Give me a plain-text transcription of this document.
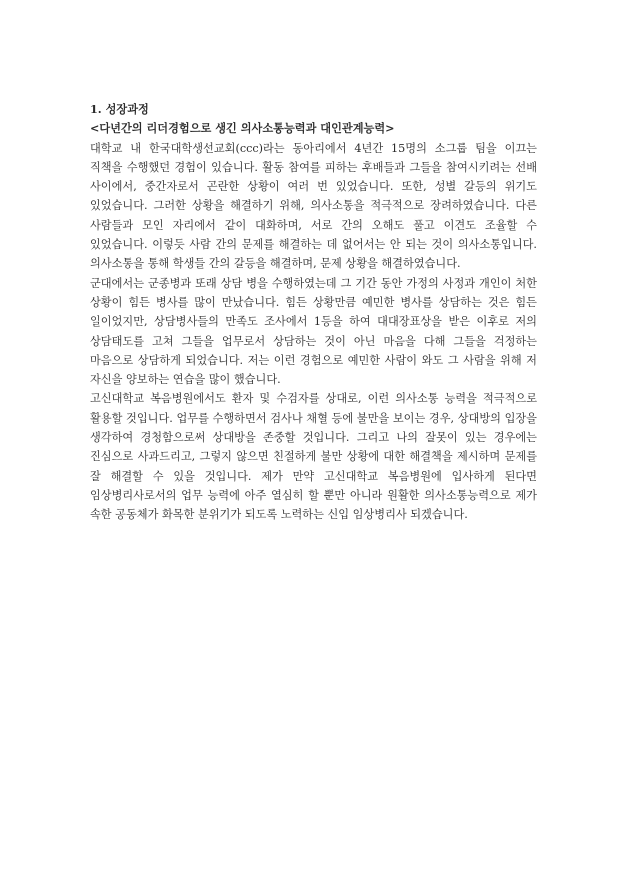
1. 성장과정

<다년간의 리더경험으로 생긴 의사소통능력과 대인관계능력>

대학교 내 한국대학생선교회(ccc)라는 동아리에서 4년간 15명의 소그룹 팀을 이끄는 직책을 수행했던 경험이 있습니다. 활동 참여를 피하는 후배들과 그들을 참여시키려는 선배 사이에서, 중간자로서 곤란한 상황이 여러 번 있었습니다. 또한, 성별 갈등의 위기도 있었습니다. 그러한 상황을 해결하기 위해, 의사소통을 적극적으로 장려하였습니다. 다른 사람들과 모인 자리에서 같이 대화하며, 서로 간의 오해도 풀고 이견도 조율할 수 있었습니다. 이렇듯 사람 간의 문제를 해결하는 데 없어서는 안 되는 것이 의사소통입니다. 의사소통을 통해 학생들 간의 갈등을 해결하며, 문제 상황을 해결하였습니다.

군대에서는 군종병과 또래 상담 병을 수행하였는데 그 기간 동안 가정의 사정과 개인이 처한 상황이 힘든 병사를 많이 만났습니다. 힘든 상황만큼 예민한 병사를 상담하는 것은 힘든 일이었지만, 상담병사들의 만족도 조사에서 1등을 하여 대대장표상을 받은 이후로 저의 상담태도를 고쳐 그들을 업무로서 상담하는 것이 아닌 마음을 다해 그들을 걱정하는 마음으로 상담하게 되었습니다. 저는 이런 경험으로 예민한 사람이 와도 그 사람을 위해 저 자신을 양보하는 연습을 많이 했습니다.

고신대학교 복음병원에서도 환자 및 수검자를 상대로, 이런 의사소통 능력을 적극적으로 활용할 것입니다. 업무를 수행하면서 검사나 채혈 등에 불만을 보이는 경우, 상대방의 입장을 생각하여 경청함으로써 상대방을 존중할 것입니다. 그리고 나의 잘못이 있는 경우에는 진심으로 사과드리고, 그렇지 않으면 친절하게 불만 상황에 대한 해결책을 제시하며 문제를 잘 해결할 수 있을 것입니다. 제가 만약 고신대학교 복음병원에 입사하게 된다면 임상병리사로서의 업무 능력에 아주 열심히 할 뿐만 아니라 원활한 의사소통능력으로 제가 속한 공동체가 화목한 분위기가 되도록 노력하는 신입 임상병리사 되겠습니다.
